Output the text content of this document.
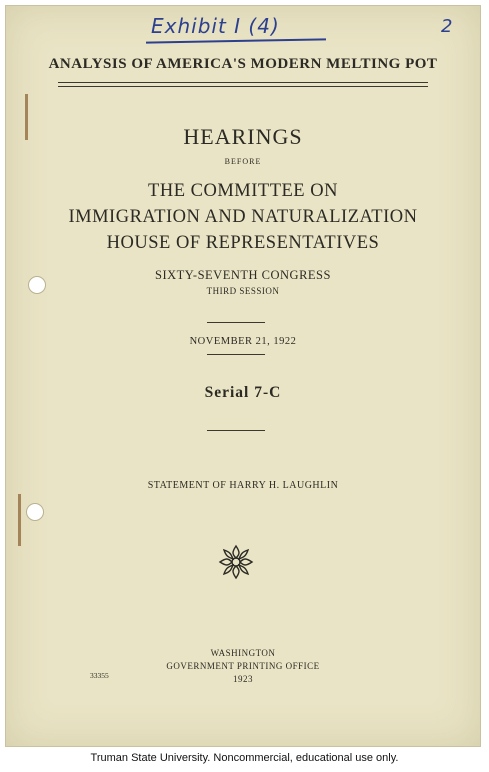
Exhibit I (4)	2
ANALYSIS OF AMERICA'S MODERN MELTING POT
HEARINGS
BEFORE
THE COMMITTEE ON
IMMIGRATION AND NATURALIZATION
HOUSE OF REPRESENTATIVES
SIXTY-SEVENTH CONGRESS
THIRD SESSION
NOVEMBER 21, 1922
Serial 7-C
STATEMENT OF HARRY H. LAUGHLIN
WASHINGTON
GOVERNMENT PRINTING OFFICE
1923
33355
Truman State University. Noncommercial, educational use only.
